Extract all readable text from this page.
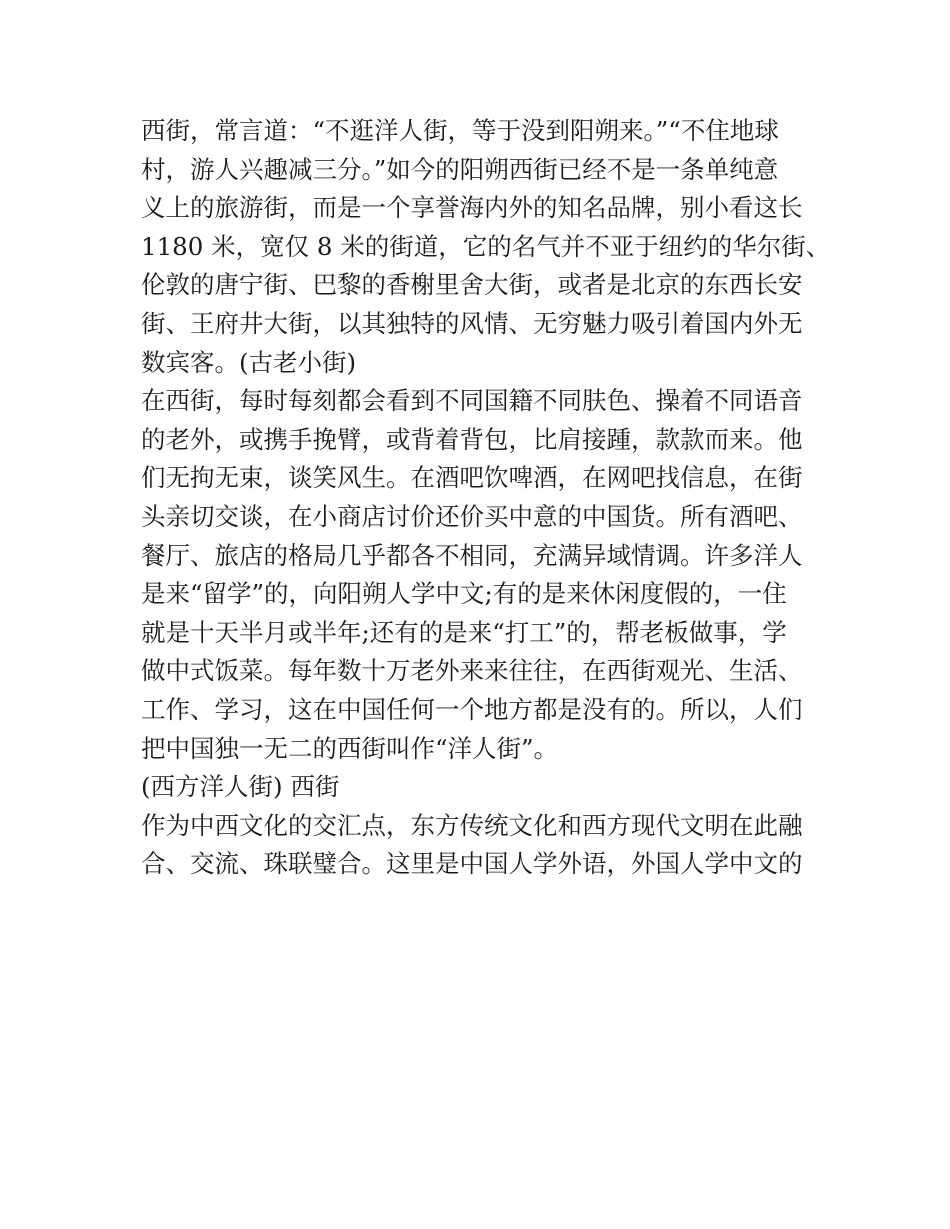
西街，常言道：“不逛洋人街，等于没到阳朔来。”“不住地球
村，游人兴趣减三分。”如今的阳朔西街已经不是一条单纯意
义上的旅游街，而是一个享誉海内外的知名品牌，别小看这长
1180 米，宽仅 8 米的街道，它的名气并不亚于纽约的华尔街、
伦敦的唐宁街、巴黎的香榭里舍大街，或者是北京的东西长安
街、王府井大街，以其独特的风情、无穷魅力吸引着国内外无
数宾客。(古老小街)
在西街，每时每刻都会看到不同国籍不同肤色、操着不同语音
的老外，或携手挽臂，或背着背包，比肩接踵，款款而来。他
们无拘无束，谈笑风生。在酒吧饮啤酒，在网吧找信息，在街
头亲切交谈，在小商店讨价还价买中意的中国货。所有酒吧、
餐厅、旅店的格局几乎都各不相同，充满异域情调。许多洋人
是来“留学”的，向阳朔人学中文;有的是来休闲度假的，一住
就是十天半月或半年;还有的是来“打工”的，帮老板做事，学
做中式饭菜。每年数十万老外来来往往，在西街观光、生活、
工作、学习，这在中国任何一个地方都是没有的。所以，人们
把中国独一无二的西街叫作“洋人街”。
(西方洋人街) 西街
作为中西文化的交汇点，东方传统文化和西方现代文明在此融
合、交流、珠联璧合。这里是中国人学外语，外国人学中文的
